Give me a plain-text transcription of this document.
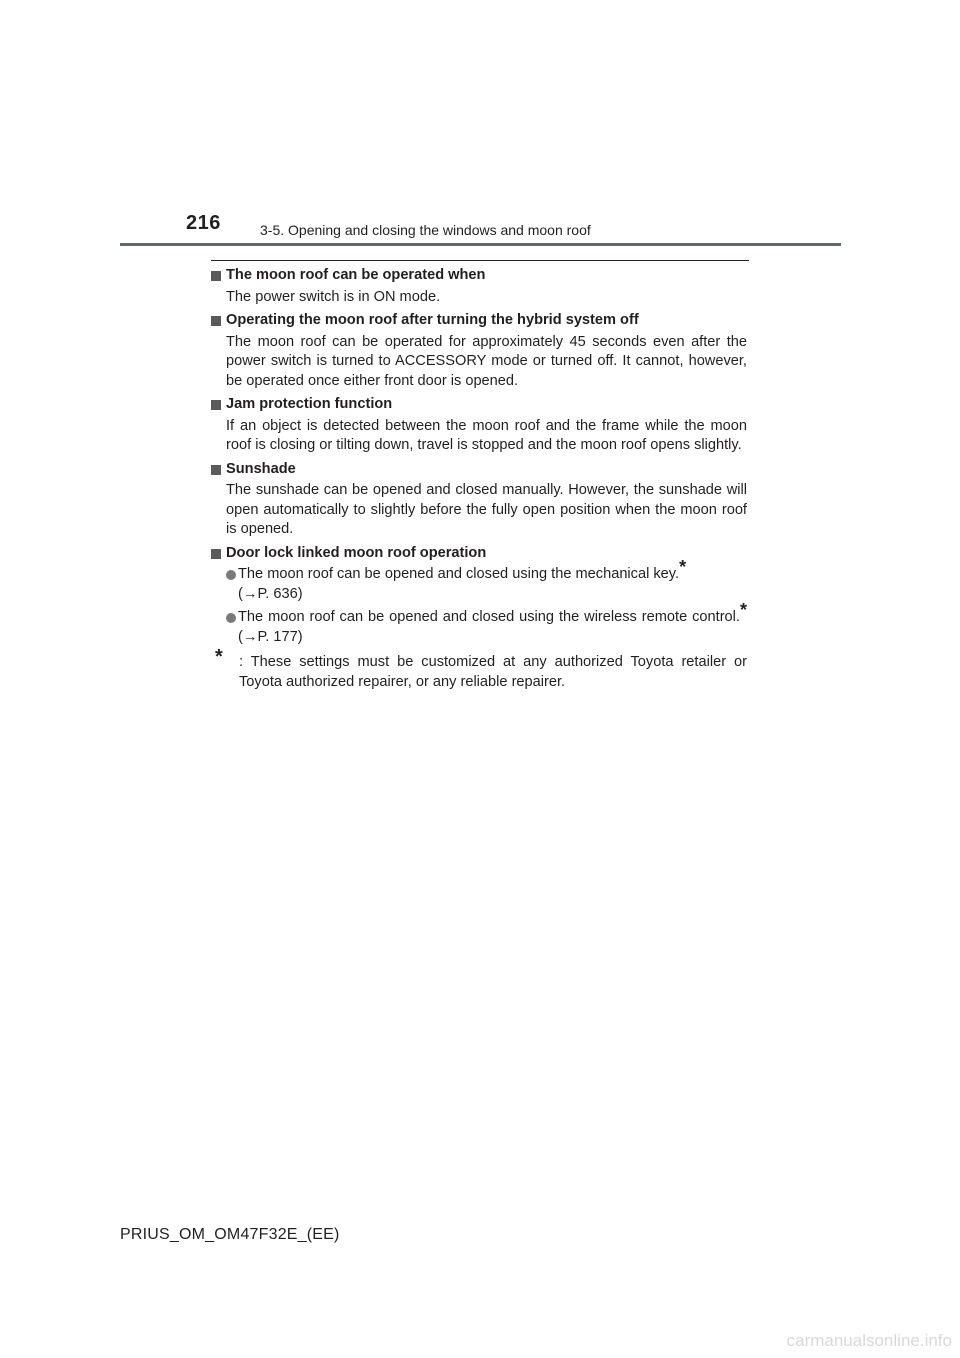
216	3-5. Opening and closing the windows and moon roof
The moon roof can be operated when
The power switch is in ON mode.
Operating the moon roof after turning the hybrid system off
The moon roof can be operated for approximately 45 seconds even after the power switch is turned to ACCESSORY mode or turned off. It cannot, however, be operated once either front door is opened.
Jam protection function
If an object is detected between the moon roof and the frame while the moon roof is closing or tilting down, travel is stopped and the moon roof opens slightly.
Sunshade
The sunshade can be opened and closed manually. However, the sunshade will open automatically to slightly before the fully open position when the moon roof is opened.
Door lock linked moon roof operation
The moon roof can be opened and closed using the mechanical key.*
(→P. 636)
The moon roof can be opened and closed using the wireless remote control.* (→P. 177)
* : These settings must be customized at any authorized Toyota retailer or Toyota authorized repairer, or any reliable repairer.
PRIUS_OM_OM47F32E_(EE)
carmanualsonline.info
